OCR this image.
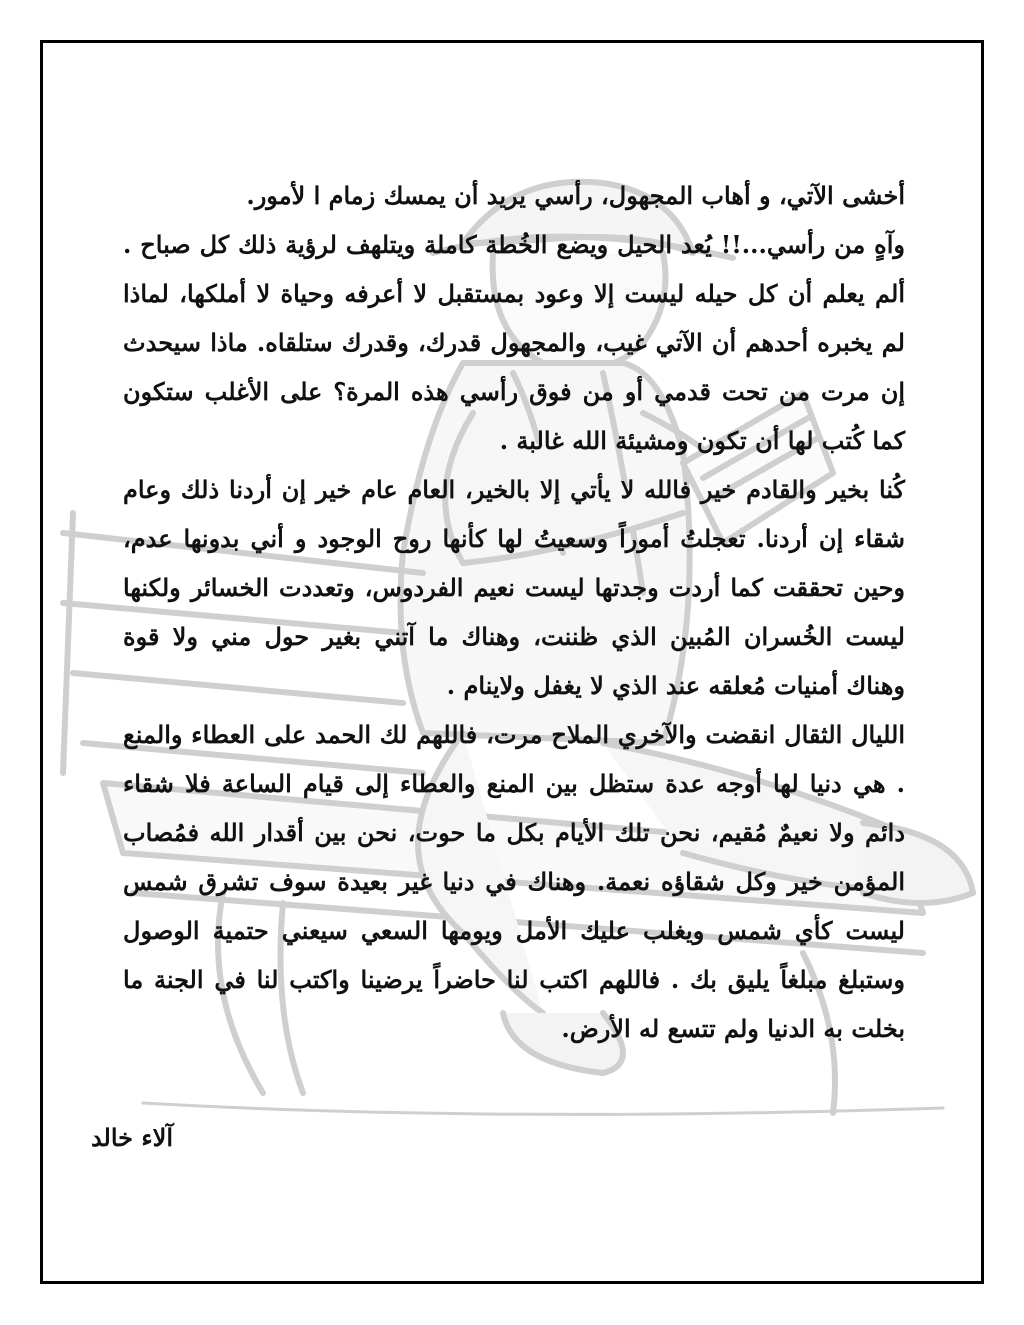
أخشى الآتي، و أهاب المجهول، رأسي يريد أن يمسك زمام ا لأمور.

وآهٍ من رأسي...!! يُعد الحيل ويضع الخُطة كاملة ويتلهف لرؤية ذلك كل صباح . ألم يعلم أن كل حيله ليست إلا وعود بمستقبل لا أعرفه وحياة لا أملكها، لماذا لم يخبره أحدهم أن الآتي غيب، والمجهول قدرك، وقدرك ستلقاه. ماذا سيحدث إن مرت من تحت قدمي أو من فوق رأسي هذه المرة؟ على الأغلب ستكون كما كُتب لها أن تكون ومشيئة الله غالبة .

كُنا بخير والقادم خير فالله لا يأتي إلا بالخير، العام عام خير إن أردنا ذلك وعام شقاء إن أردنا. تعجلتُ أموراً وسعيتُ لها كأنها روح الوجود و أني بدونها عدم، وحين تحققت كما أردت وجدتها ليست نعيم الفردوس، وتعددت الخسائر ولكنها ليست الخُسران المُبين الذي ظننت، وهناك ما آتني بغير حول مني ولا قوة وهناك أمنيات مُعلقه عند الذي لا يغفل ولاينام .

الليال الثقال انقضت والآخري الملاح مرت، فاللهم لك الحمد على العطاء والمنع . هي دنيا لها أوجه عدة ستظل بين المنع والعطاء إلى قيام الساعة فلا شقاء دائم ولا نعيمٌ مُقيم، نحن تلك الأيام بكل ما حوت، نحن بين أقدار الله فمُصاب المؤمن خير وكل شقاؤه نعمة. وهناك في دنيا غير بعيدة سوف تشرق شمس ليست كأي شمس ويغلب عليك الأمل ويومها السعي سيعني حتمية الوصول وستبلغ مبلغاً يليق بك . فاللهم اكتب لنا حاضراً يرضينا واكتب لنا في الجنة ما بخلت به الدنيا ولم تتسع له الأرض.

آلاء خالد
